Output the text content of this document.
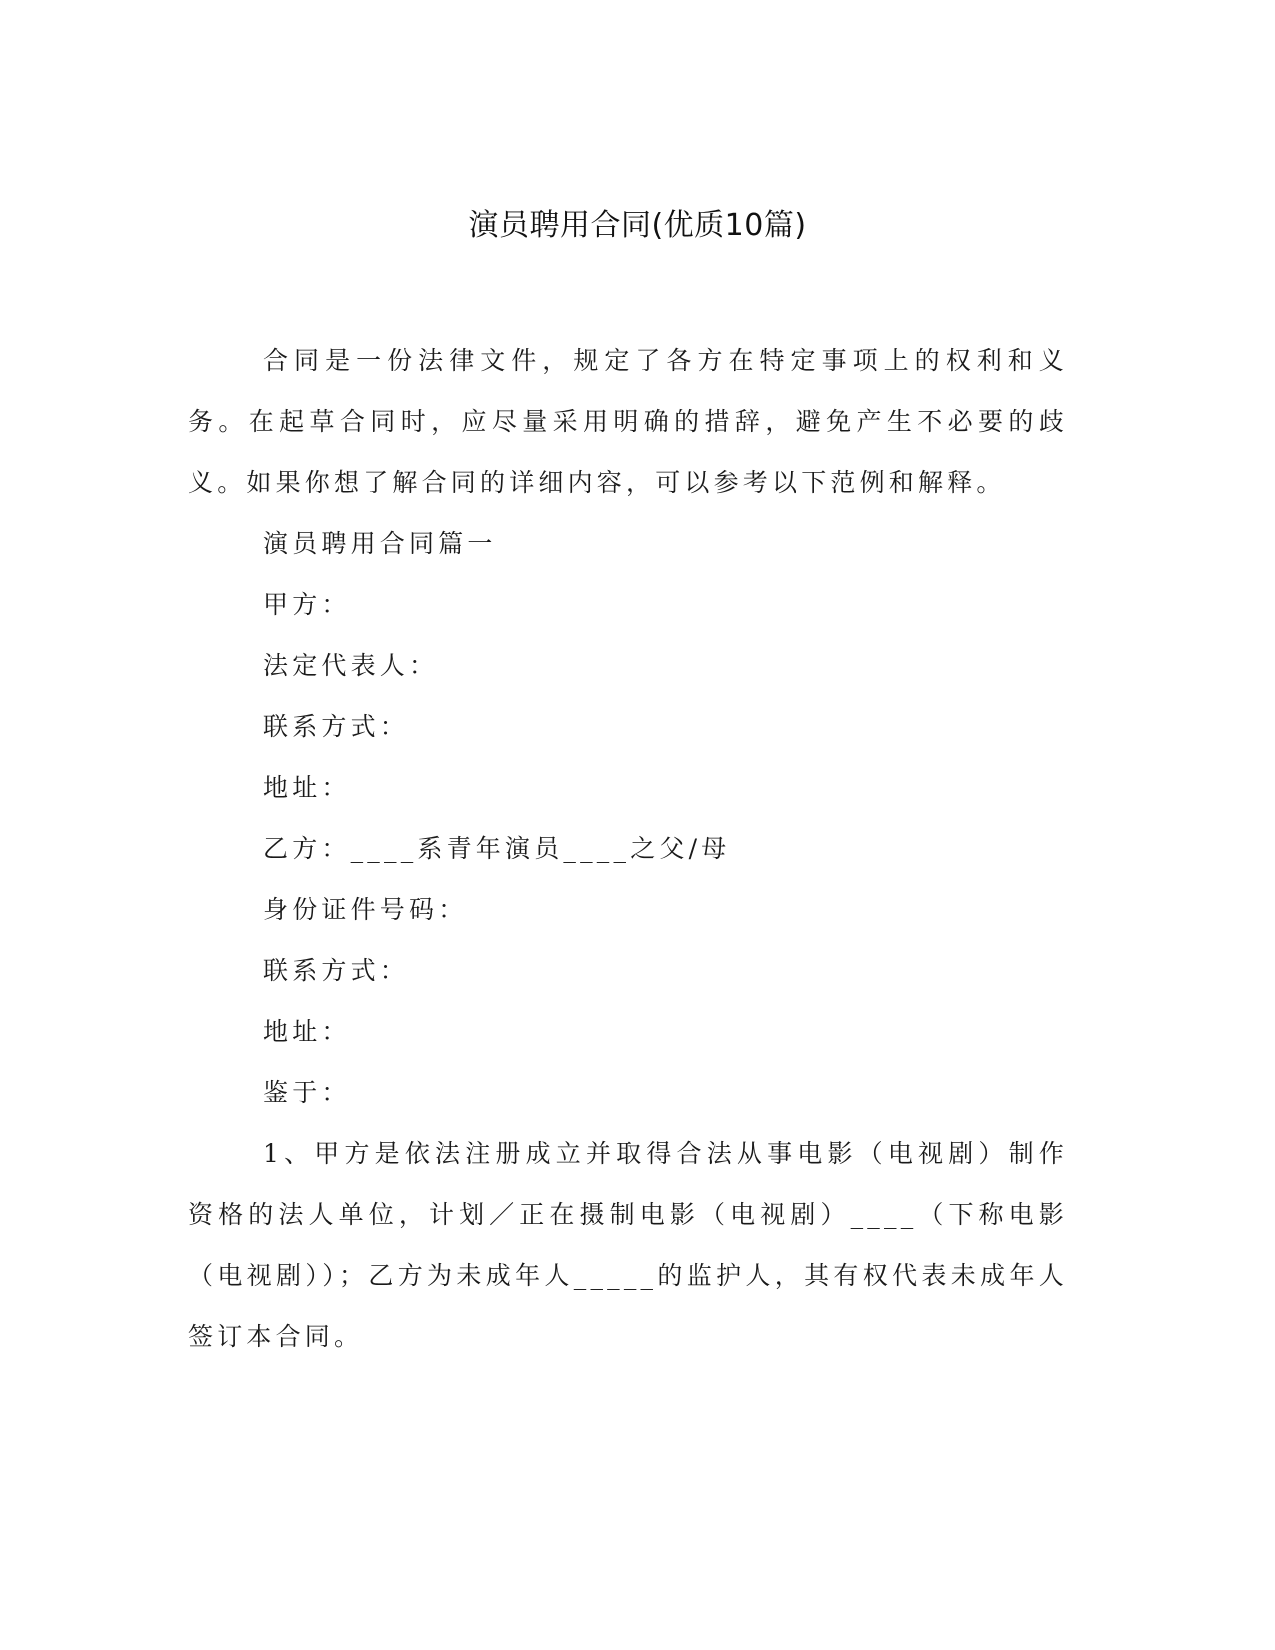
演员聘用合同(优质10篇)

合同是一份法律文件，规定了各方在特定事项上的权利和义务。在起草合同时，应尽量采用明确的措辞，避免产生不必要的歧义。如果你想了解合同的详细内容，可以参考以下范例和解释。

演员聘用合同篇一
甲方：
法定代表人：
联系方式：
地址：
乙方：____系青年演员____之父/母
身份证件号码：
联系方式：
地址：
鉴于：

1、甲方是依法注册成立并取得合法从事电影（电视剧）制作资格的法人单位，计划／正在摄制电影（电视剧）____（下称电影（电视剧））；乙方为未成年人_____的监护人，其有权代表未成年人签订本合同。
